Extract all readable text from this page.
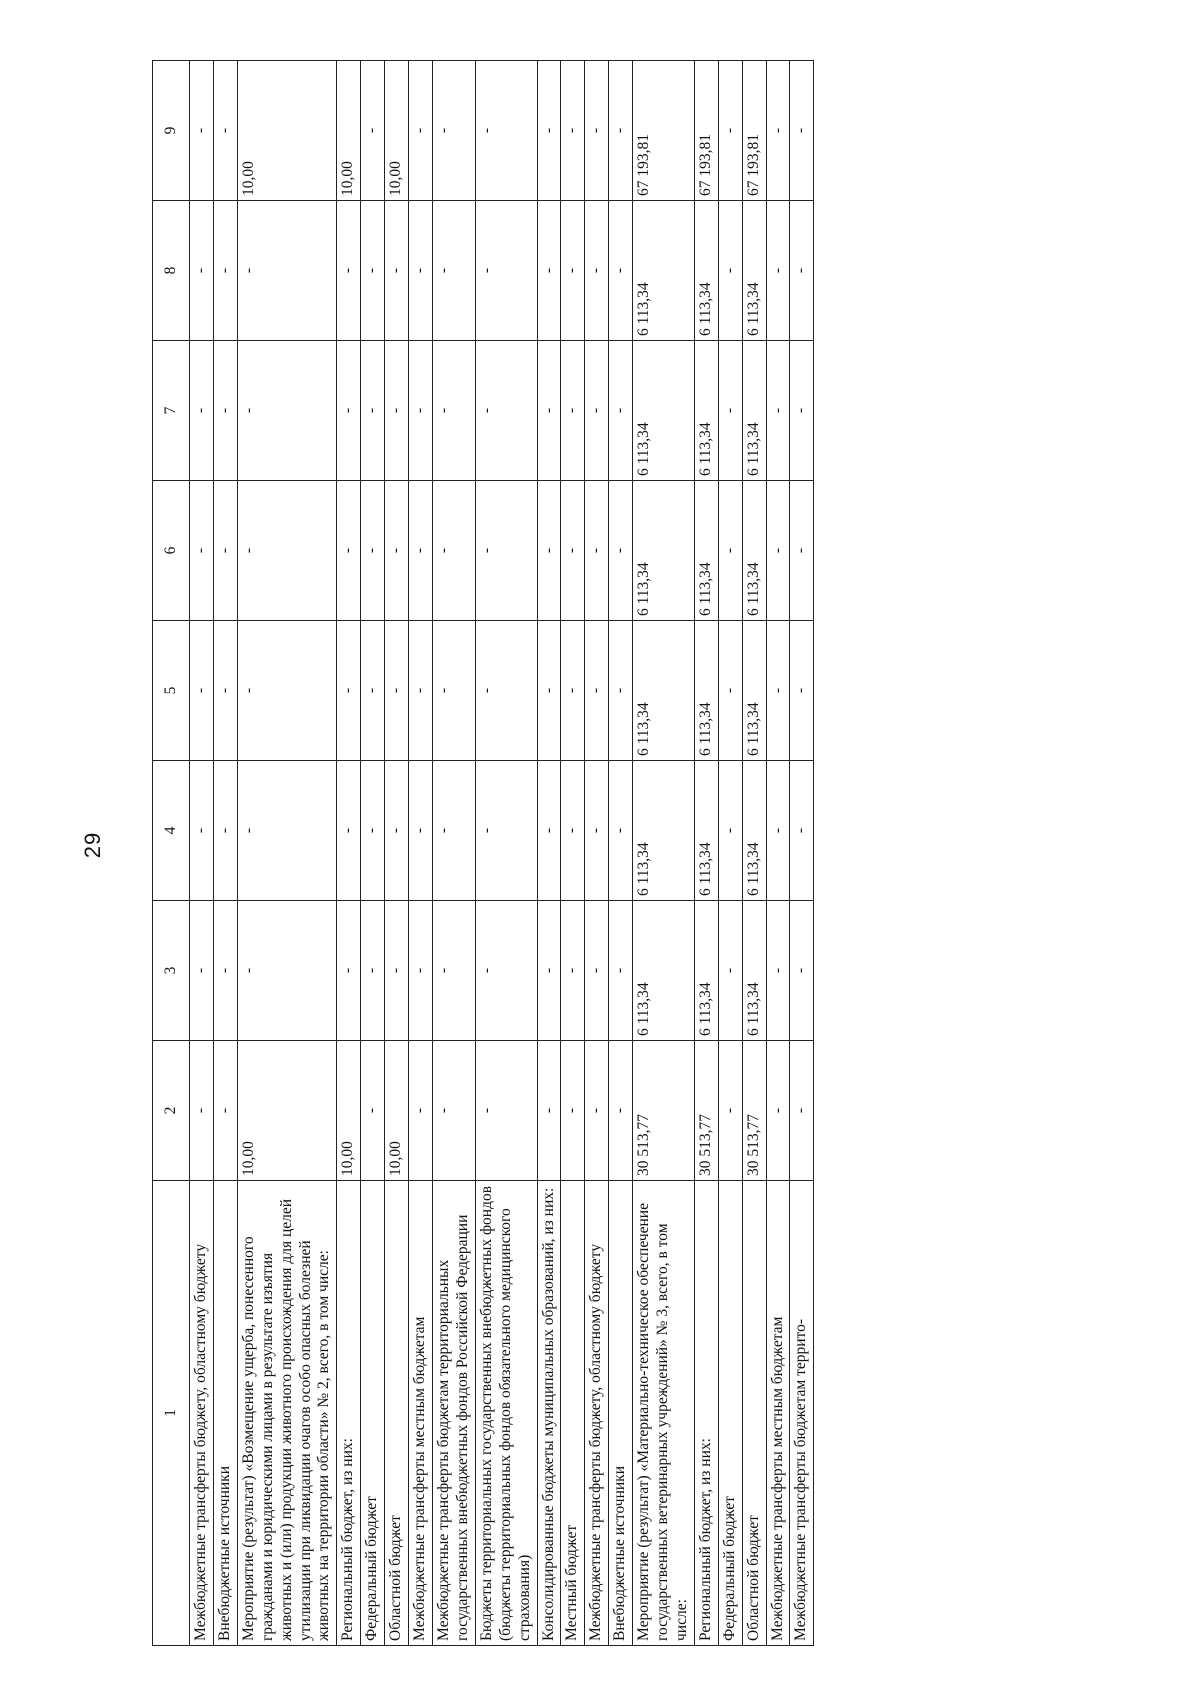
29
1	2	3	4	5	6	7	8	9
Межбюджетные трансферты бюджету, областному бюджету	-	-	-	-	-	-	-	-
Внебюджетные источники	-	-	-	-	-	-	-	-
Мероприятие (результат) «Возмещение ущерба, понесенного гражданами и юридическими лицами в результате изъятия животных и (или) продукции животного происхождения для целей утилизации при ликвидации очагов особо опасных болезней животных на территории области» № 2, всего, в том числе:	10,00	-	-	-	-	-	-	10,00
Региональный бюджет, из них:	10,00	-	-	-	-	-	-	10,00
Федеральный бюджет	-	-	-	-	-	-	-	-
Областной бюджет	10,00	-	-	-	-	-	-	10,00
Межбюджетные трансферты местным бюджетам	-	-	-	-	-	-	-	-
Межбюджетные трансферты бюджетам территориальных государственных внебюджетных фондов Российской Федерации	-	-	-	-	-	-	-	-
Бюджеты территориальных государственных внебюджетных фондов (бюджеты территориальных фондов обязательного медицинского страхования)	-	-	-	-	-	-	-	-
Консолидированные бюджеты муниципальных образований, из них:	-	-	-	-	-	-	-	-
Местный бюджет	-	-	-	-	-	-	-	-
Межбюджетные трансферты бюджету, областному бюджету	-	-	-	-	-	-	-	-
Внебюджетные источники	-	-	-	-	-	-	-	-
Мероприятие (результат) «Материально-техническое обеспечение государственных ветеринарных учреждений» № 3, всего, в том числе:	30 513,77	6 113,34	6 113,34	6 113,34	6 113,34	6 113,34	6 113,34	67 193,81
Региональный бюджет, из них:	30 513,77	6 113,34	6 113,34	6 113,34	6 113,34	6 113,34	6 113,34	67 193,81
Федеральный бюджет	-	-	-	-	-	-	-	-
Областной бюджет	30 513,77	6 113,34	6 113,34	6 113,34	6 113,34	6 113,34	6 113,34	67 193,81
Межбюджетные трансферты местным бюджетам	-	-	-	-	-	-	-	-
Межбюджетные трансферты бюджетам террито-	-	-	-	-	-	-	-	-
